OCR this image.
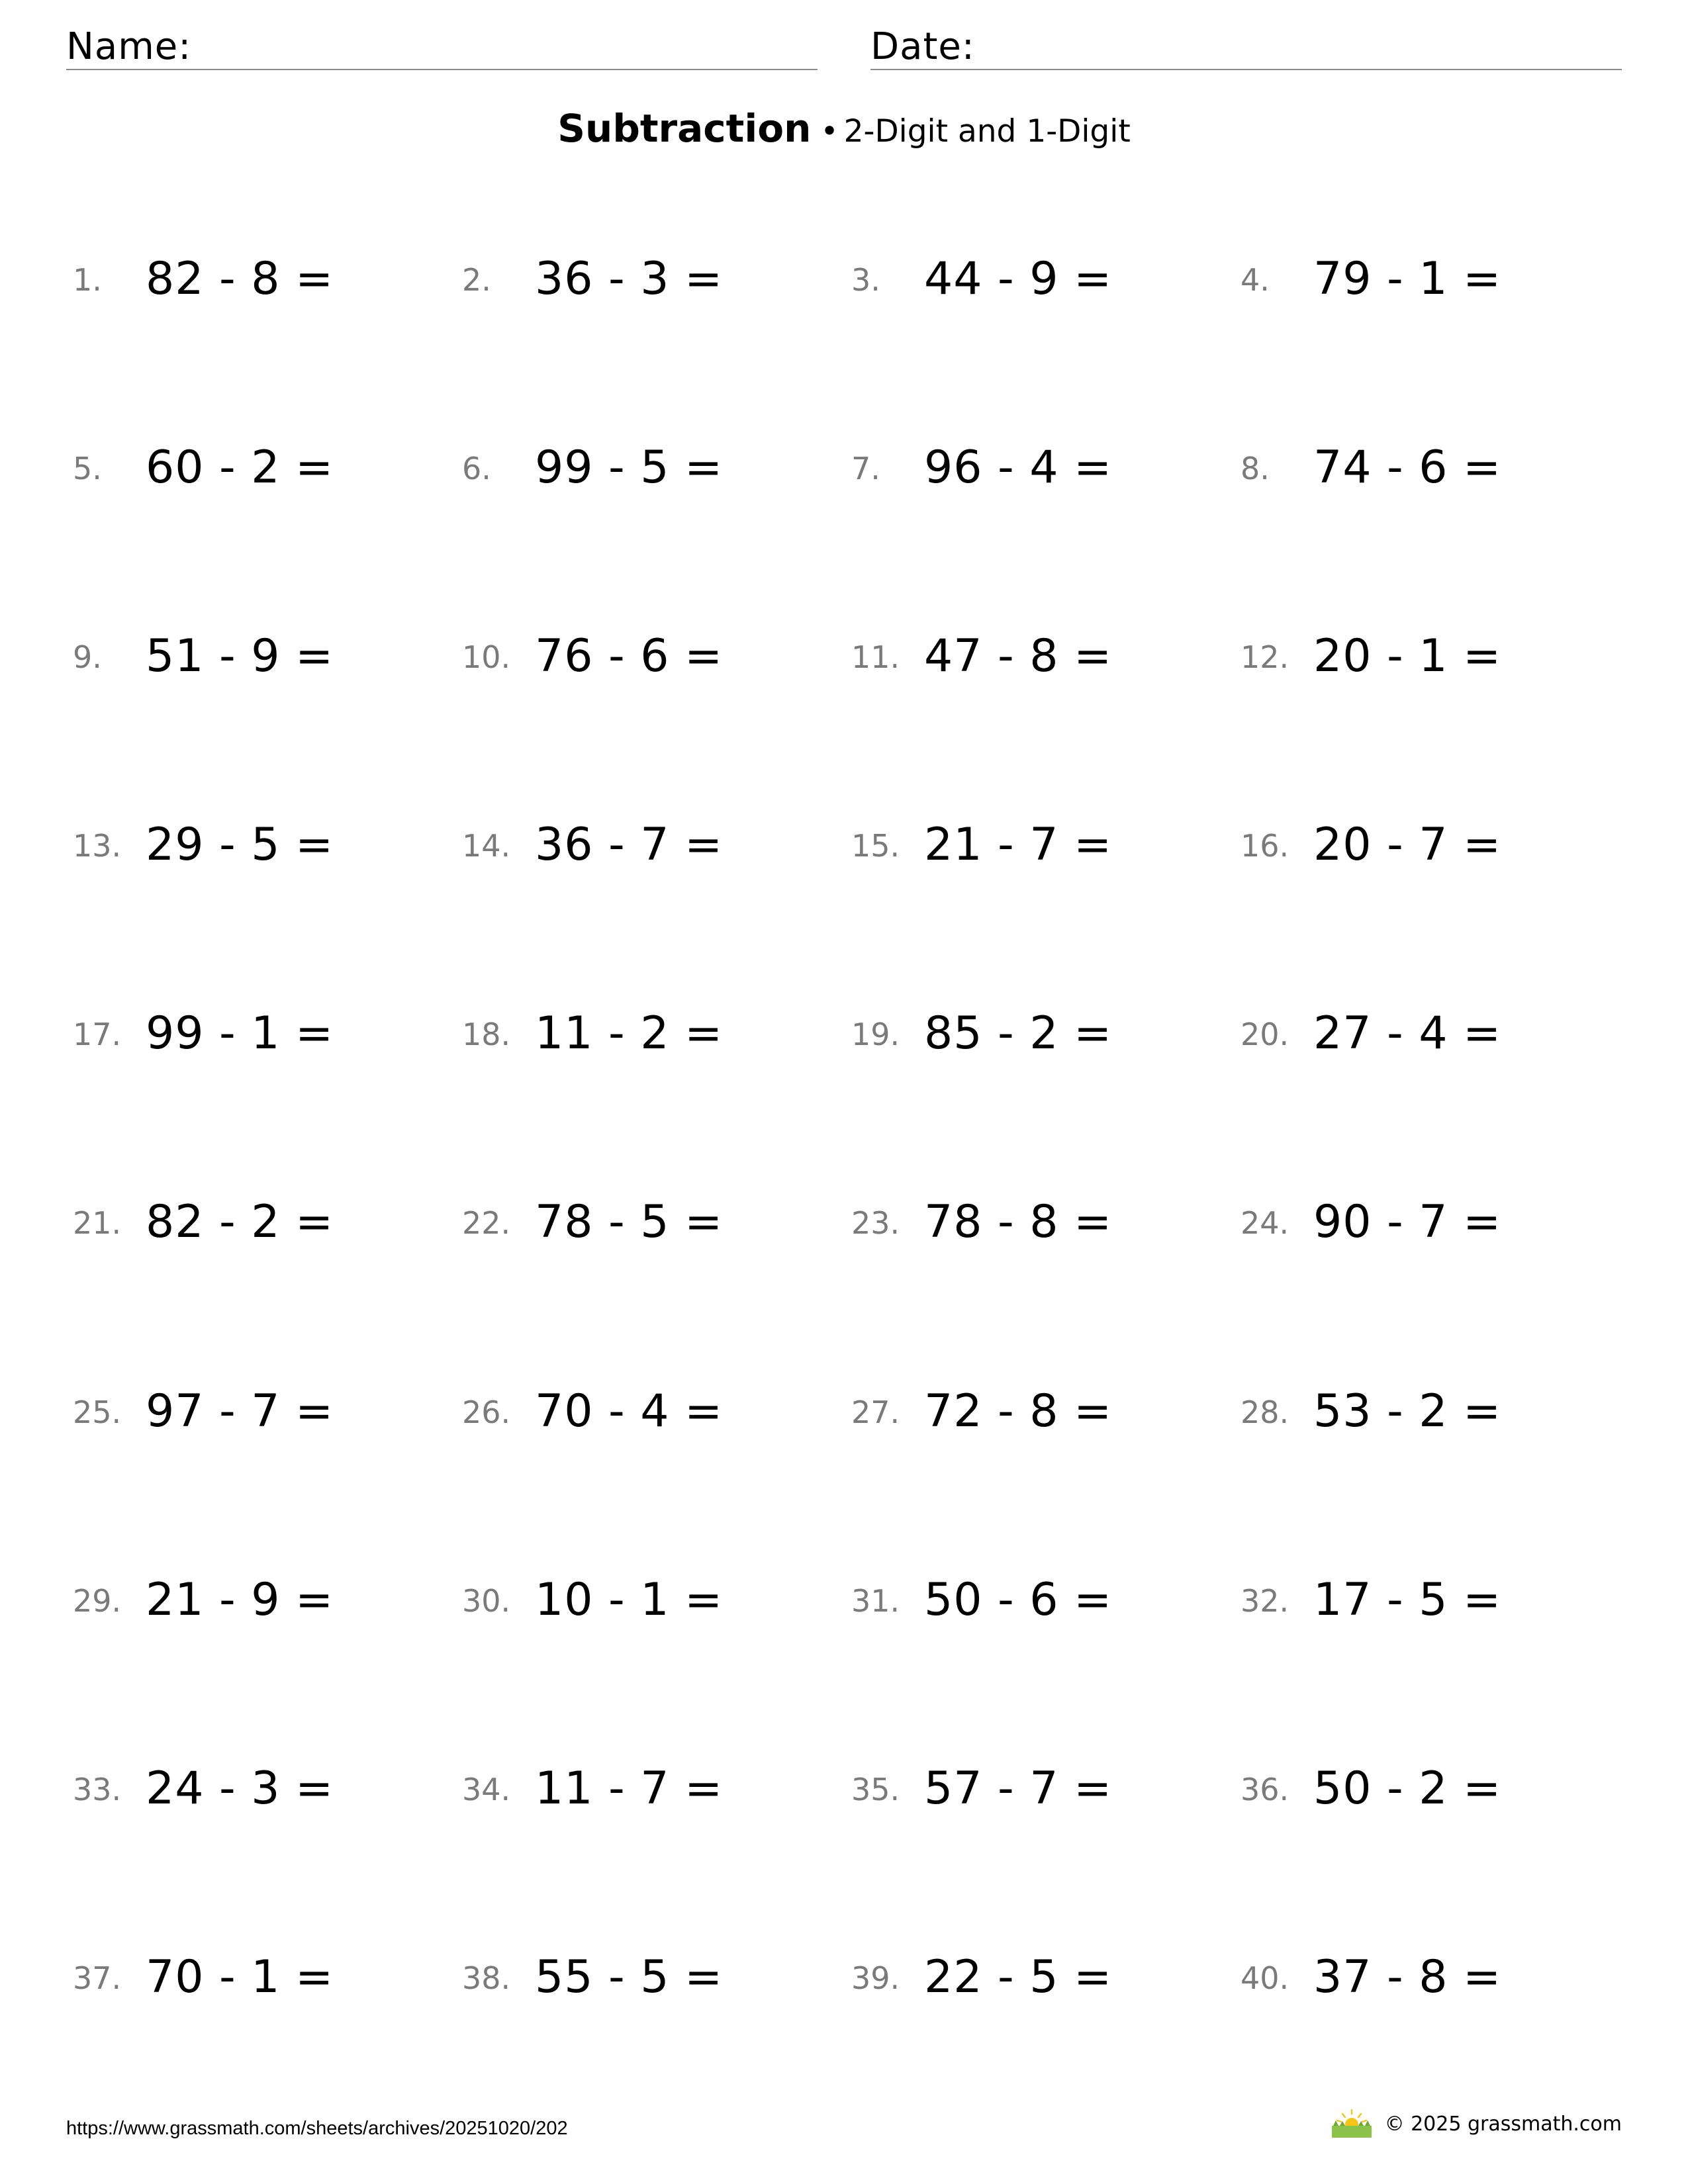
Name:	Date:
Subtraction • 2-Digit and 1-Digit
1. 82 - 8 =	2. 36 - 3 =	3. 44 - 9 =	4. 79 - 1 =
5. 60 - 2 =	6. 99 - 5 =	7. 96 - 4 =	8. 74 - 6 =
9. 51 - 9 =	10. 76 - 6 =	11. 47 - 8 =	12. 20 - 1 =
13. 29 - 5 =	14. 36 - 7 =	15. 21 - 7 =	16. 20 - 7 =
17. 99 - 1 =	18. 11 - 2 =	19. 85 - 2 =	20. 27 - 4 =
21. 82 - 2 =	22. 78 - 5 =	23. 78 - 8 =	24. 90 - 7 =
25. 97 - 7 =	26. 70 - 4 =	27. 72 - 8 =	28. 53 - 2 =
29. 21 - 9 =	30. 10 - 1 =	31. 50 - 6 =	32. 17 - 5 =
33. 24 - 3 =	34. 11 - 7 =	35. 57 - 7 =	36. 50 - 2 =
37. 70 - 1 =	38. 55 - 5 =	39. 22 - 5 =	40. 37 - 8 =
https://www.grassmath.com/sheets/archives/20251020/202	© 2025 grassmath.com
